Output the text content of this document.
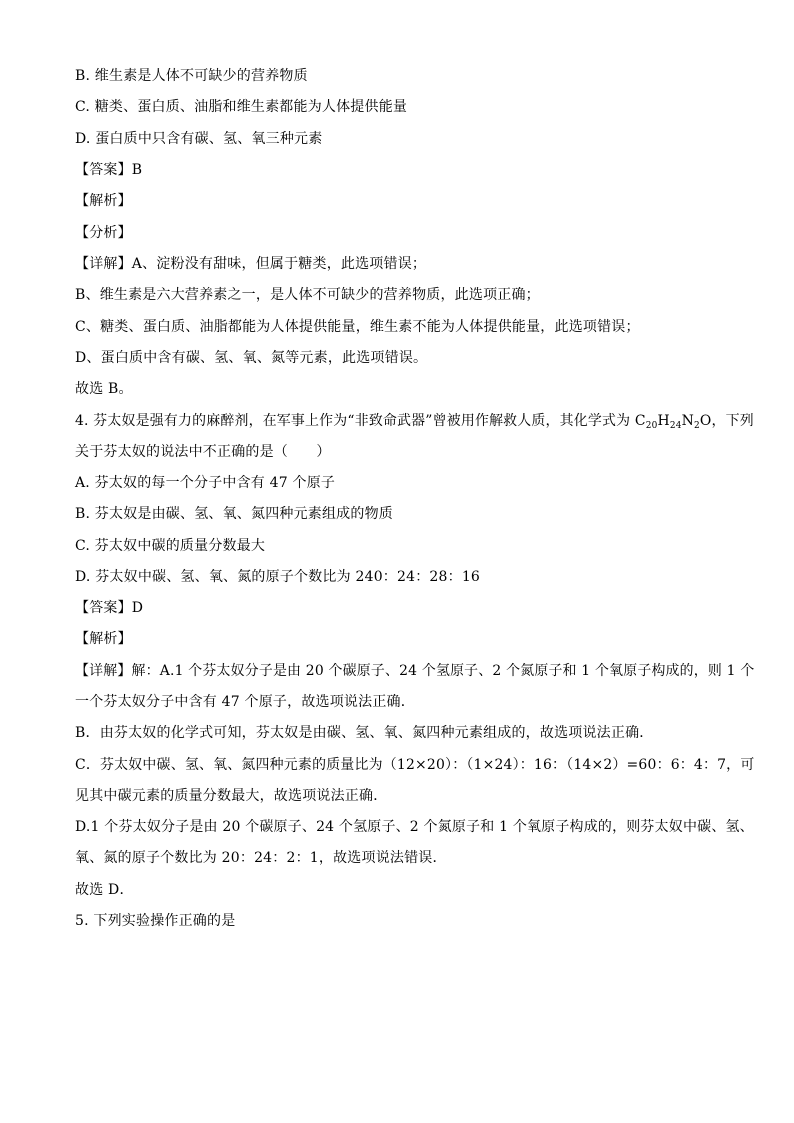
B. 维生素是人体不可缺少的营养物质
C. 糖类、蛋白质、油脂和维生素都能为人体提供能量
D. 蛋白质中只含有碳、氢、氧三种元素
【答案】B
【解析】
【分析】
【详解】A、淀粉没有甜味，但属于糖类，此选项错误；
B、维生素是六大营养素之一，是人体不可缺少的营养物质，此选项正确；
C、糖类、蛋白质、油脂都能为人体提供能量，维生素不能为人体提供能量，此选项错误；
D、蛋白质中含有碳、氢、氧、氮等元素，此选项错误。
故选 B。
4. 芬太奴是强有力的麻醉剂，在军事上作为“非致命武器”曾被用作解救人质，其化学式为 $C_{20}H_{24}N_2O$，下列
关于芬太奴的说法中不正确的是（　　）
A. 芬太奴的每一个分子中含有 47 个原子
B. 芬太奴是由碳、氢、氧、氮四种元素组成的物质
C. 芬太奴中碳的质量分数最大
D. 芬太奴中碳、氢、氧、氮的原子个数比为 240：24：28：16
【答案】D
【解析】
【详解】解：A.1 个芬太奴分子是由 20 个碳原子、24 个氢原子、2 个氮原子和 1 个氧原子构成的，则 1 个
一个芬太奴分子中含有 47 个原子，故选项说法正确．
B．由芬太奴的化学式可知，芬太奴是由碳、氢、氧、氮四种元素组成的，故选项说法正确．
C．芬太奴中碳、氢、氧、氮四种元素的质量比为（12×20）：（1×24）：16：（14×2）=60：6：4：7，可
见其中碳元素的质量分数最大，故选项说法正确．
D.1 个芬太奴分子是由 20 个碳原子、24 个氢原子、2 个氮原子和 1 个氧原子构成的，则芬太奴中碳、氢、
氧、氮的原子个数比为 20：24：2：1，故选项说法错误．
故选 D．
5. 下列实验操作正确的是
